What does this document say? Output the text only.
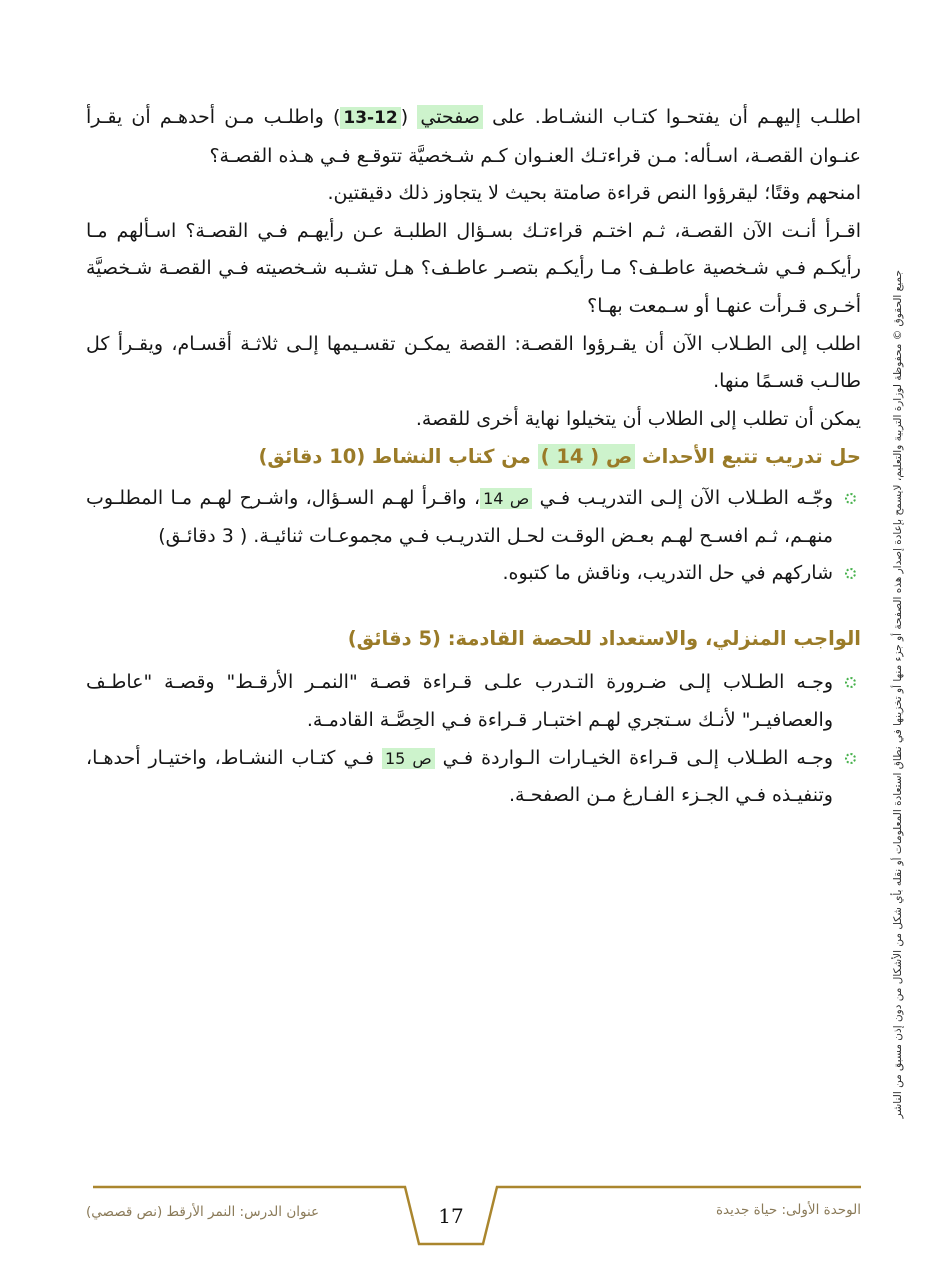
اطلـب إليهـم أن يفتحـوا كتـاب النشـاط. على صفحتي (13-12) واطلـب مـن أحدهـم أن يقـرأ عنـوان القصـة، اسـأله: مـن قراءتـك العنـوان كـم شـخصيَّة تتوقـع فـي هـذه القصـة؟

امنحهم وقتًا؛ ليقرؤوا النص قراءة صامتة بحيث لا يتجاوز ذلك دقيقتين.

اقـرأ أنـت الآن القصـة، ثـم اختـم قراءتـك بسـؤال الطلبـة عـن رأيهـم فـي القصـة؟ اسـألهم مـا رأيكـم فـي شـخصية عاطـف؟ مـا رأيكـم بتصـر عاطـف؟ هـل تشـبه شـخصيته فـي القصـة شـخصيَّة أخـرى قـرأت عنهـا أو سـمعت بهـا؟

اطلب إلى الطـلاب الآن أن يقـرؤوا القصـة: القصة يمكـن تقسـيمها إلـى ثلاثـة أقسـام، ويقـرأ كل طالـب قسـمًا منها.

يمكن أن تطلب إلى الطلاب أن يتخيلوا نهاية أخرى للقصة.

حل تدريب تتبع الأحداث ص ( 14 ) من كتاب النشاط (10 دقائق)
وجّـه الطـلاب الآن إلـى التدريـب فـي ص 14، واقـرأ لهـم السـؤال، واشـرح لهـم مـا المطلـوب منهـم، ثـم افسـح لهـم بعـض الوقـت لحـل التدريـب فـي مجموعـات ثنائيـة. ( 3 دقائـق)
شاركهم في حل التدريب، وناقش ما كتبوه.
الواجب المنزلي، والاستعداد للحصة القادمة: (5 دقائق)
وجـه الطـلاب إلـى ضـرورة التـدرب علـى قـراءة قصـة "النمـر الأرقـط" وقصـة "عاطـف والعصافيـر" لأنـك سـتجري لهـم اختبـار قـراءة فـي الحِصَّـة القادمـة.
وجـه الطـلاب إلـى قـراءة الخيـارات الـواردة فـي ص 15 فـي كتـاب النشـاط، واختيـار أحدهـا، وتنفيـذه فـي الجـزء الفـارغ مـن الصفحـة.	جميع الحقوق © محفوظة لوزارة التربية والتعليم، لايسمح بإعادة إصدار هذه الصفحة أو جزء منها أو تخزينها في نطاق استعادة المعلومات أو نقله بأي شكل من الأشكال من دون إذن مسبق من الناشر
الوحدة الأولى: حياة جديدة
17
عنوان الدرس: النمر الأرقط (نص قصصي)
